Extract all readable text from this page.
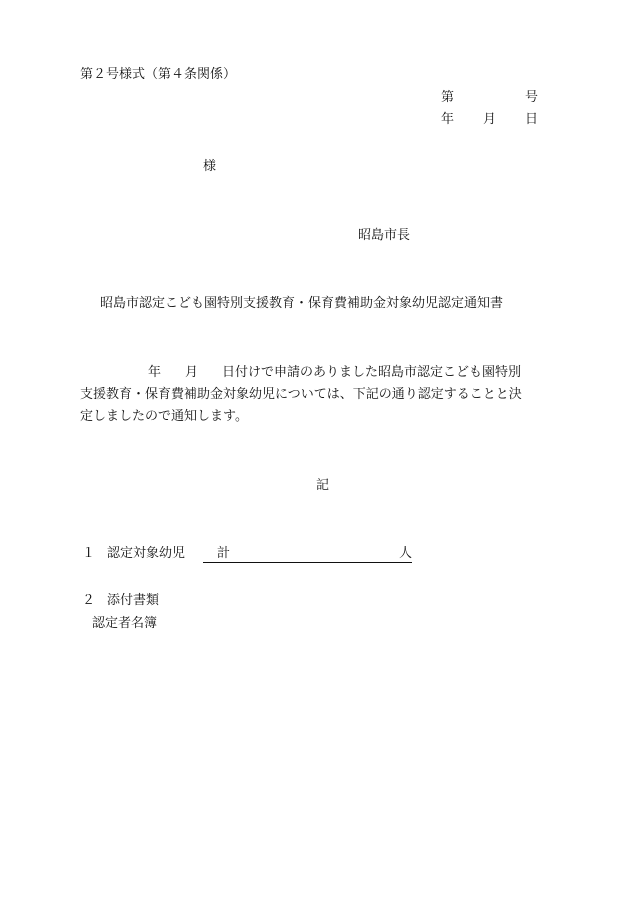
第２号様式（第４条関係）
第	号
年 月 日
様
昭島市長
昭島市認定こども園特別支援教育・保育費補助金対象幼児認定通知書
年 月 日付けで申請のありました昭島市認定こども園特別
支援教育・保育費補助金対象幼児については、下記の通り認定することと決
定しましたので通知します。
記
１ 認定対象幼児 計	人
２ 添付書類
認定者名簿
